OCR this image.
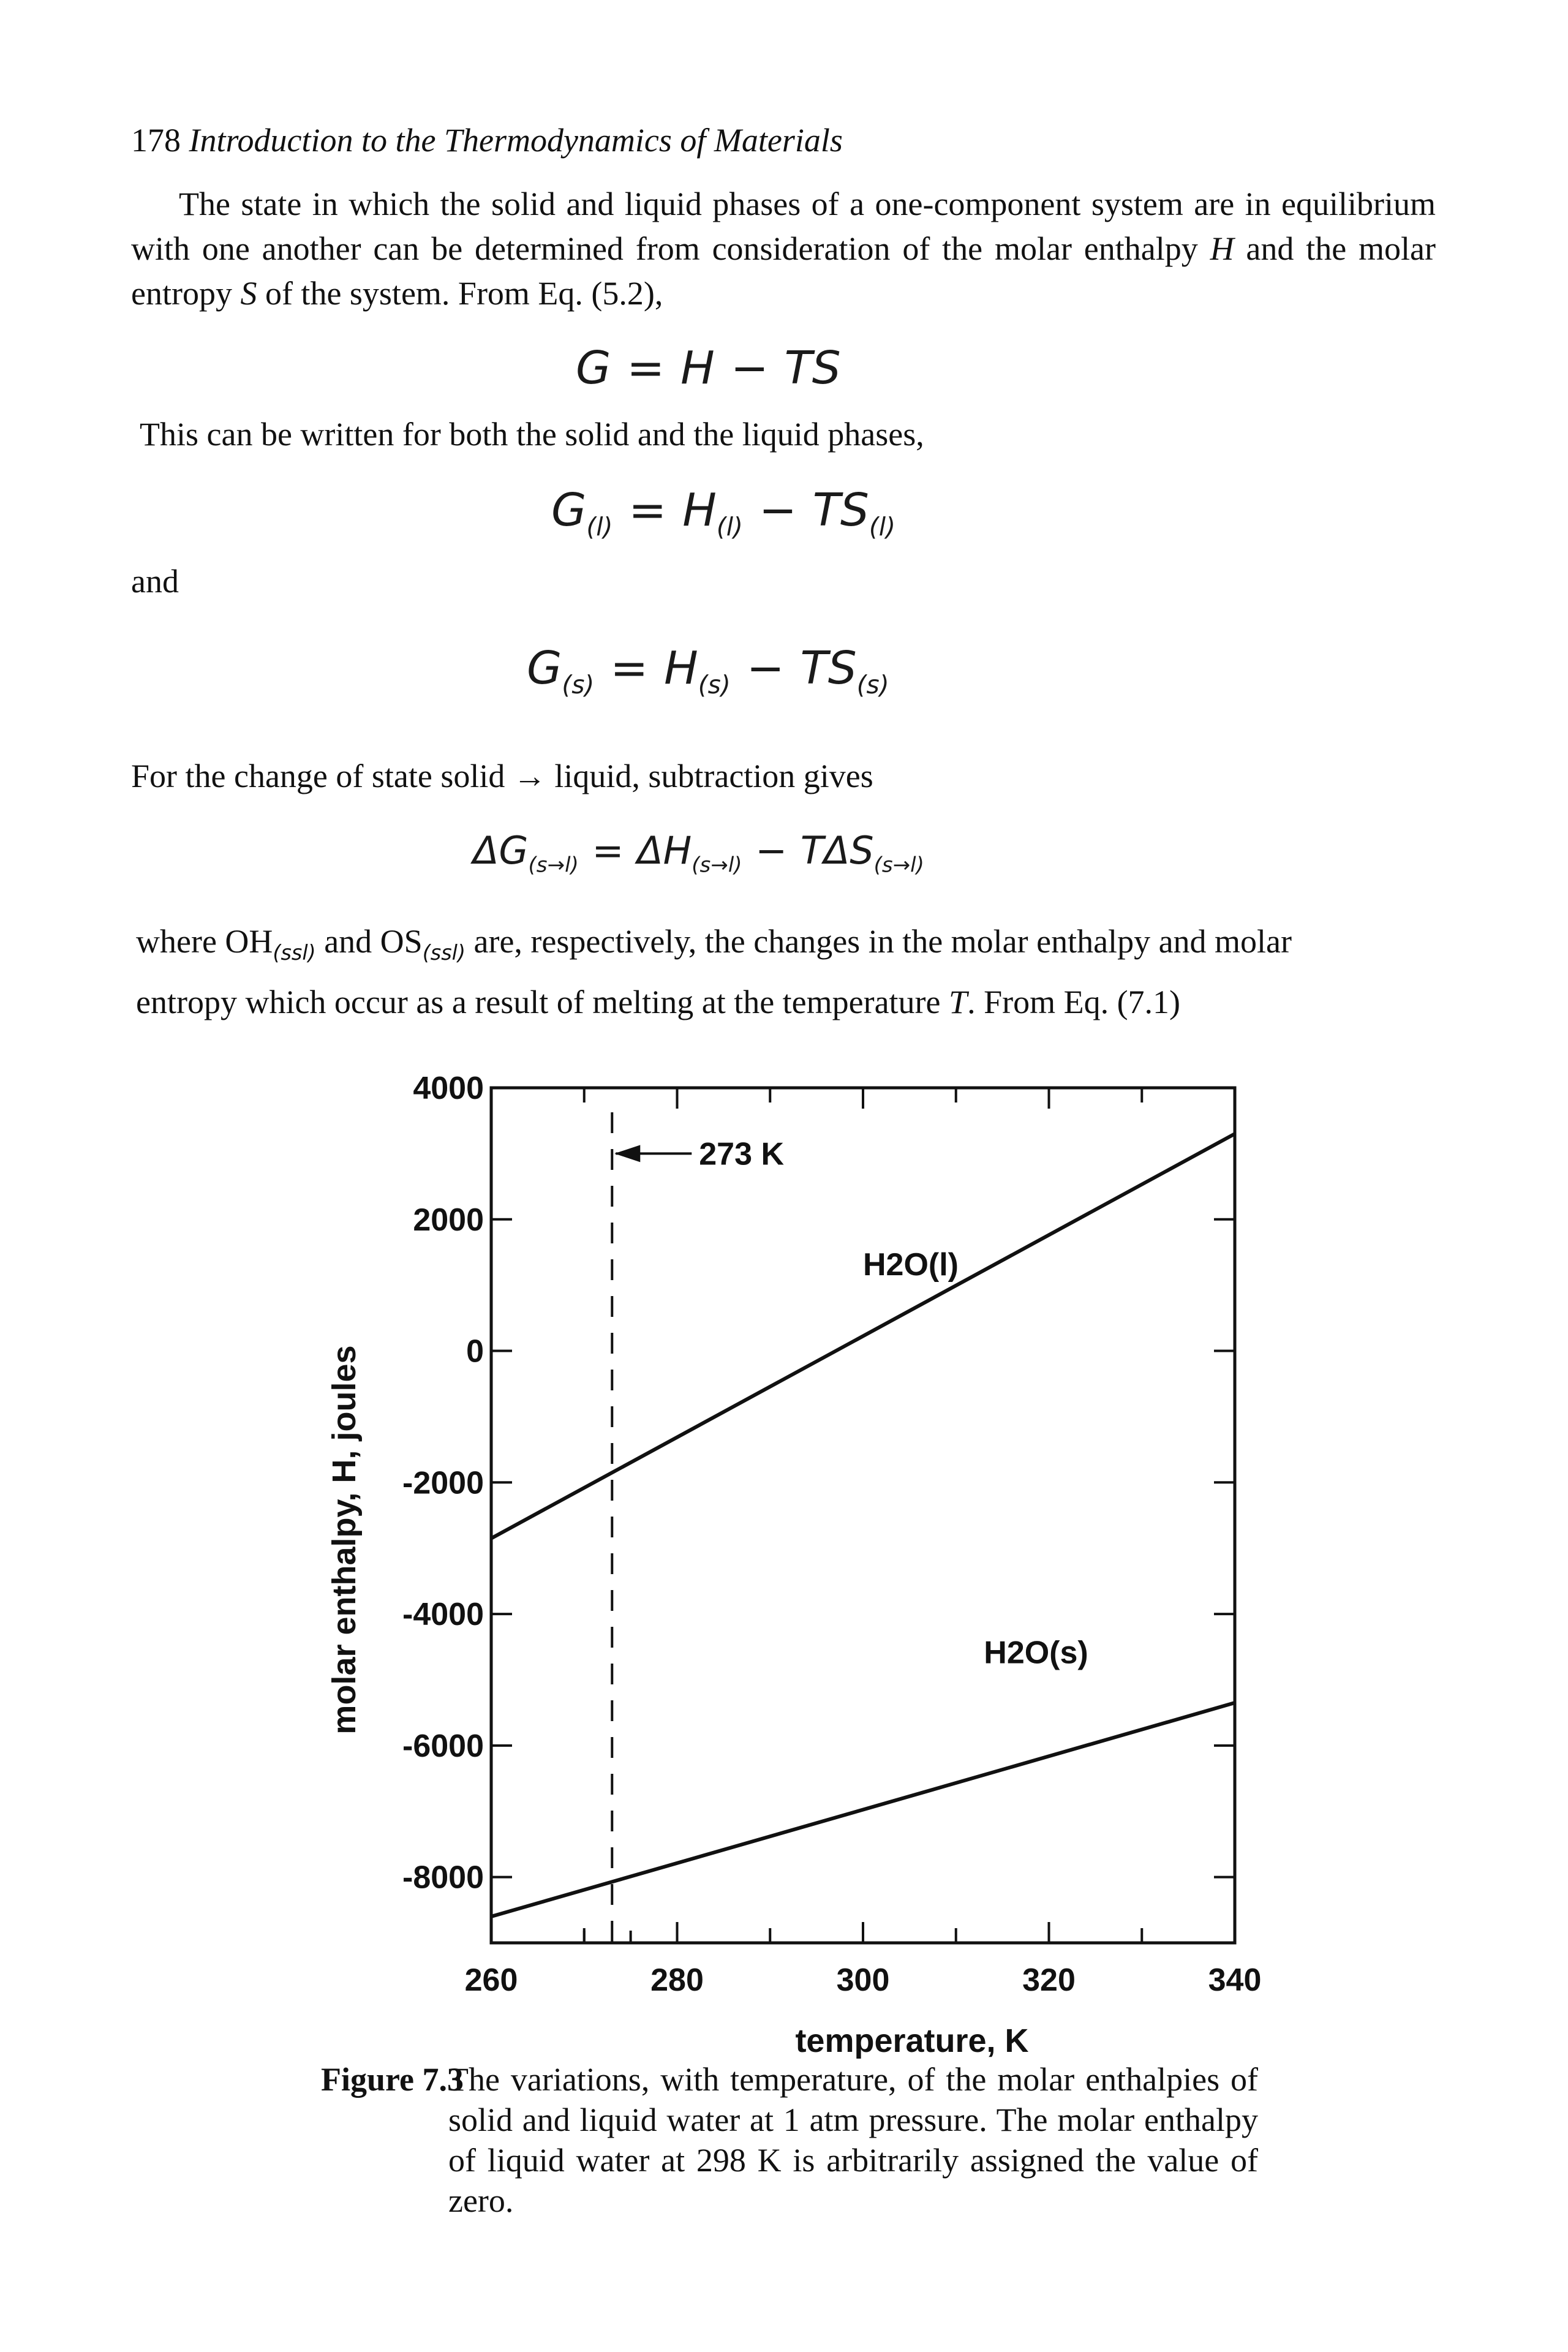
178 Introduction to the Thermodynamics of Materials

The state in which the solid and liquid phases of a one-component system are in equilibrium with one another can be determined from consideration of the molar enthalpy H and the molar entropy S of the system. From Eq. (5.2),

G = H − TS
This can be written for both the solid and the liquid phases,
$G_{(l)} = H_{(l)} - TS_{(l)}$
and
$G_{(s)} = H_{(s)} - TS_{(s)}$
For the change of state solid → liquid, subtraction gives
$\Delta G_{(s\to l)} = \Delta H_{(s\to l)} - T\Delta S_{(s\to l)}$
where $OH_{(ssl)}$ and $OS_{(ssl)}$ are, respectively, the changes in the molar enthalpy and molar
entropy which occur as a result of melting at the temperature T. From Eq. (7.1)
4000
2000
0
-2000
-4000
-6000
-8000
260	280	300	320	340
temperature, K
molar enthalpy, H, joules
273 K
H2O(l)
H2O(s)
Figure 7.3
The variations, with temperature, of the molar enthalpies of solid and liquid water at 1 atm pressure. The molar enthalpy of liquid water at 298 K is arbitrarily assigned the value of zero.
